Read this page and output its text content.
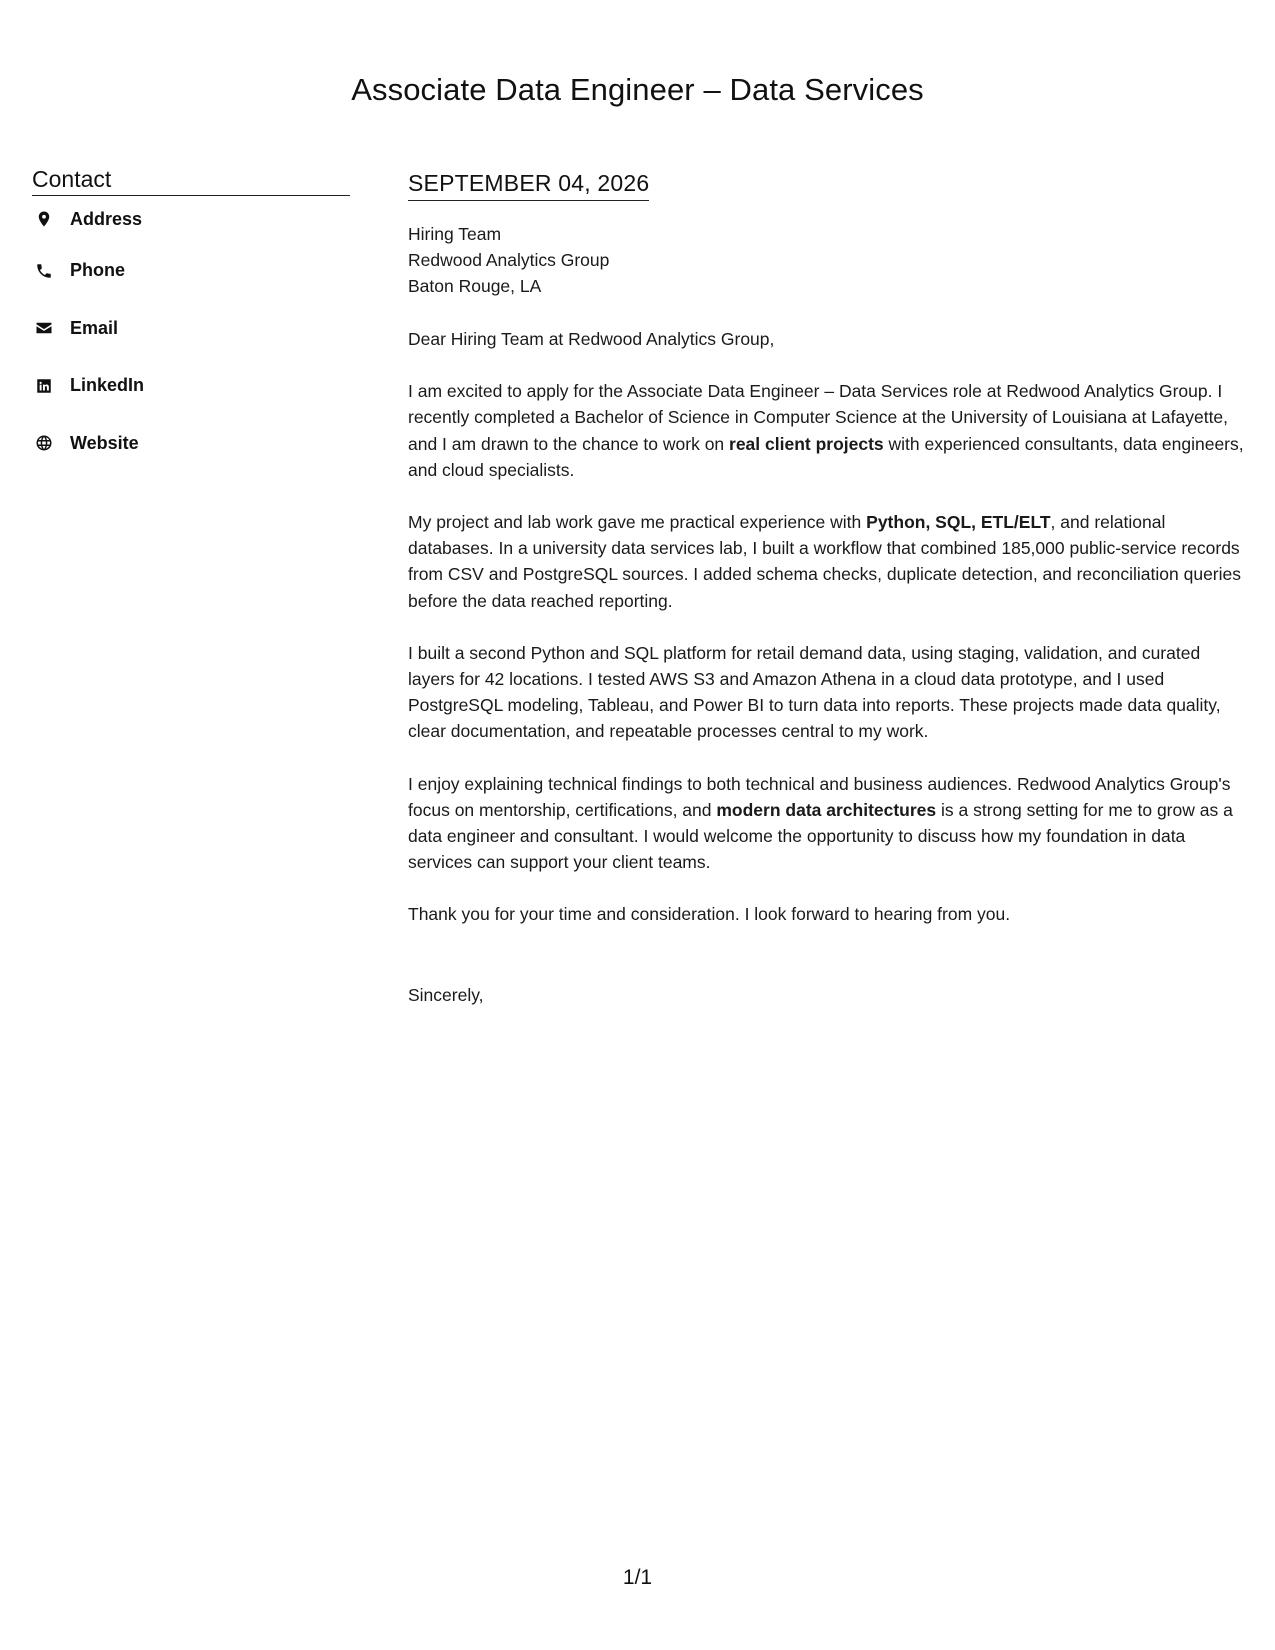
Associate Data Engineer – Data Services
Contact
Address
Phone
Email
LinkedIn
Website
SEPTEMBER 04, 2026
Hiring Team
Redwood Analytics Group
Baton Rouge, LA

Dear Hiring Team at Redwood Analytics Group,

I am excited to apply for the Associate Data Engineer – Data Services role at Redwood Analytics Group. I recently completed a Bachelor of Science in Computer Science at the University of Louisiana at Lafayette, and I am drawn to the chance to work on real client projects with experienced consultants, data engineers, and cloud specialists.

My project and lab work gave me practical experience with Python, SQL, ETL/ELT, and relational databases. In a university data services lab, I built a workflow that combined 185,000 public-service records from CSV and PostgreSQL sources. I added schema checks, duplicate detection, and reconciliation queries before the data reached reporting.

I built a second Python and SQL platform for retail demand data, using staging, validation, and curated layers for 42 locations. I tested AWS S3 and Amazon Athena in a cloud data prototype, and I used PostgreSQL modeling, Tableau, and Power BI to turn data into reports. These projects made data quality, clear documentation, and repeatable processes central to my work.

I enjoy explaining technical findings to both technical and business audiences. Redwood Analytics Group's focus on mentorship, certifications, and modern data architectures is a strong setting for me to grow as a data engineer and consultant. I would welcome the opportunity to discuss how my foundation in data services can support your client teams.

Thank you for your time and consideration. I look forward to hearing from you.

Sincerely,

1/1
